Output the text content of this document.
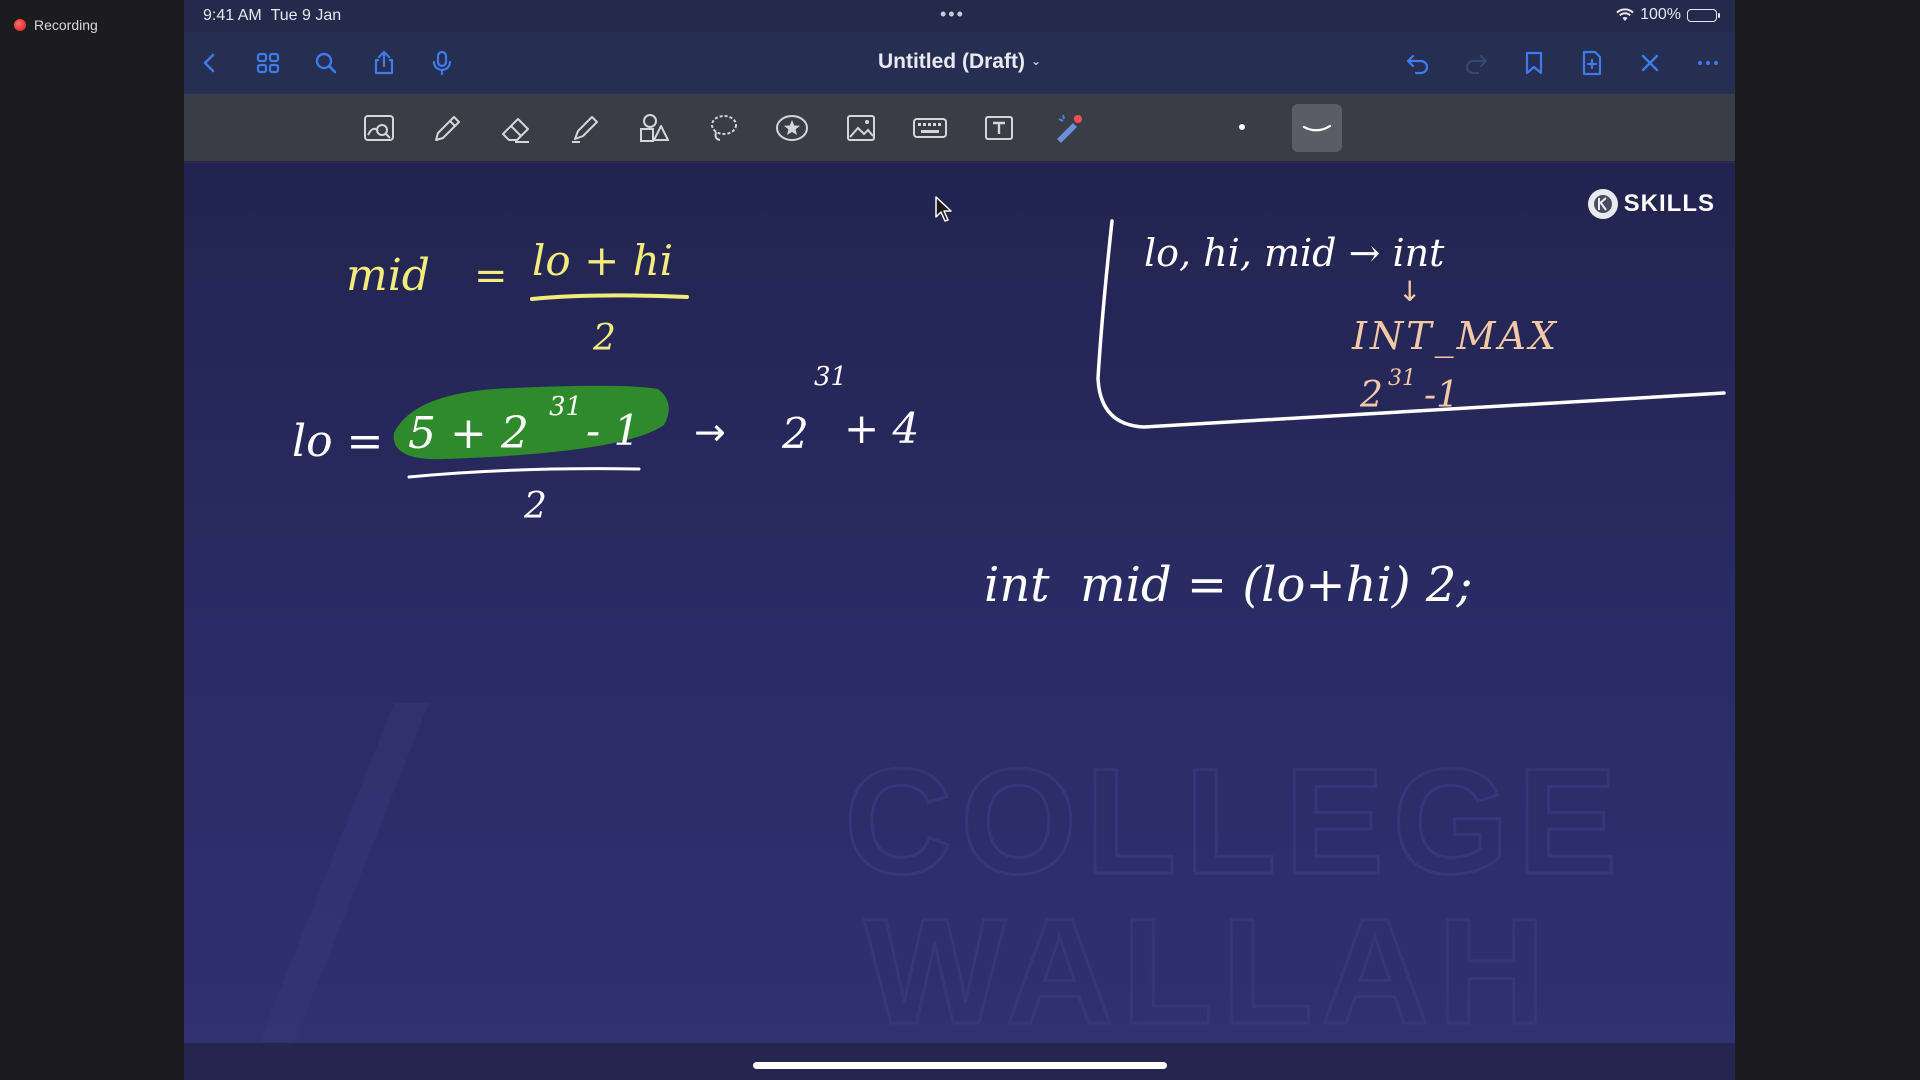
Recording
9:41 AM Tue 9 Jan	•••	100%
Untitled (Draft) ⌄
COLLEGE
WALLAH
mid = lo + hi
2
lo = 5 + 2
31 - 1
2
→ 2
31
+ 4
lo, hi, mid → int
↓
INT_MAX
2 31 -1
int  mid = (lo+hi) 2;
SKILLS
